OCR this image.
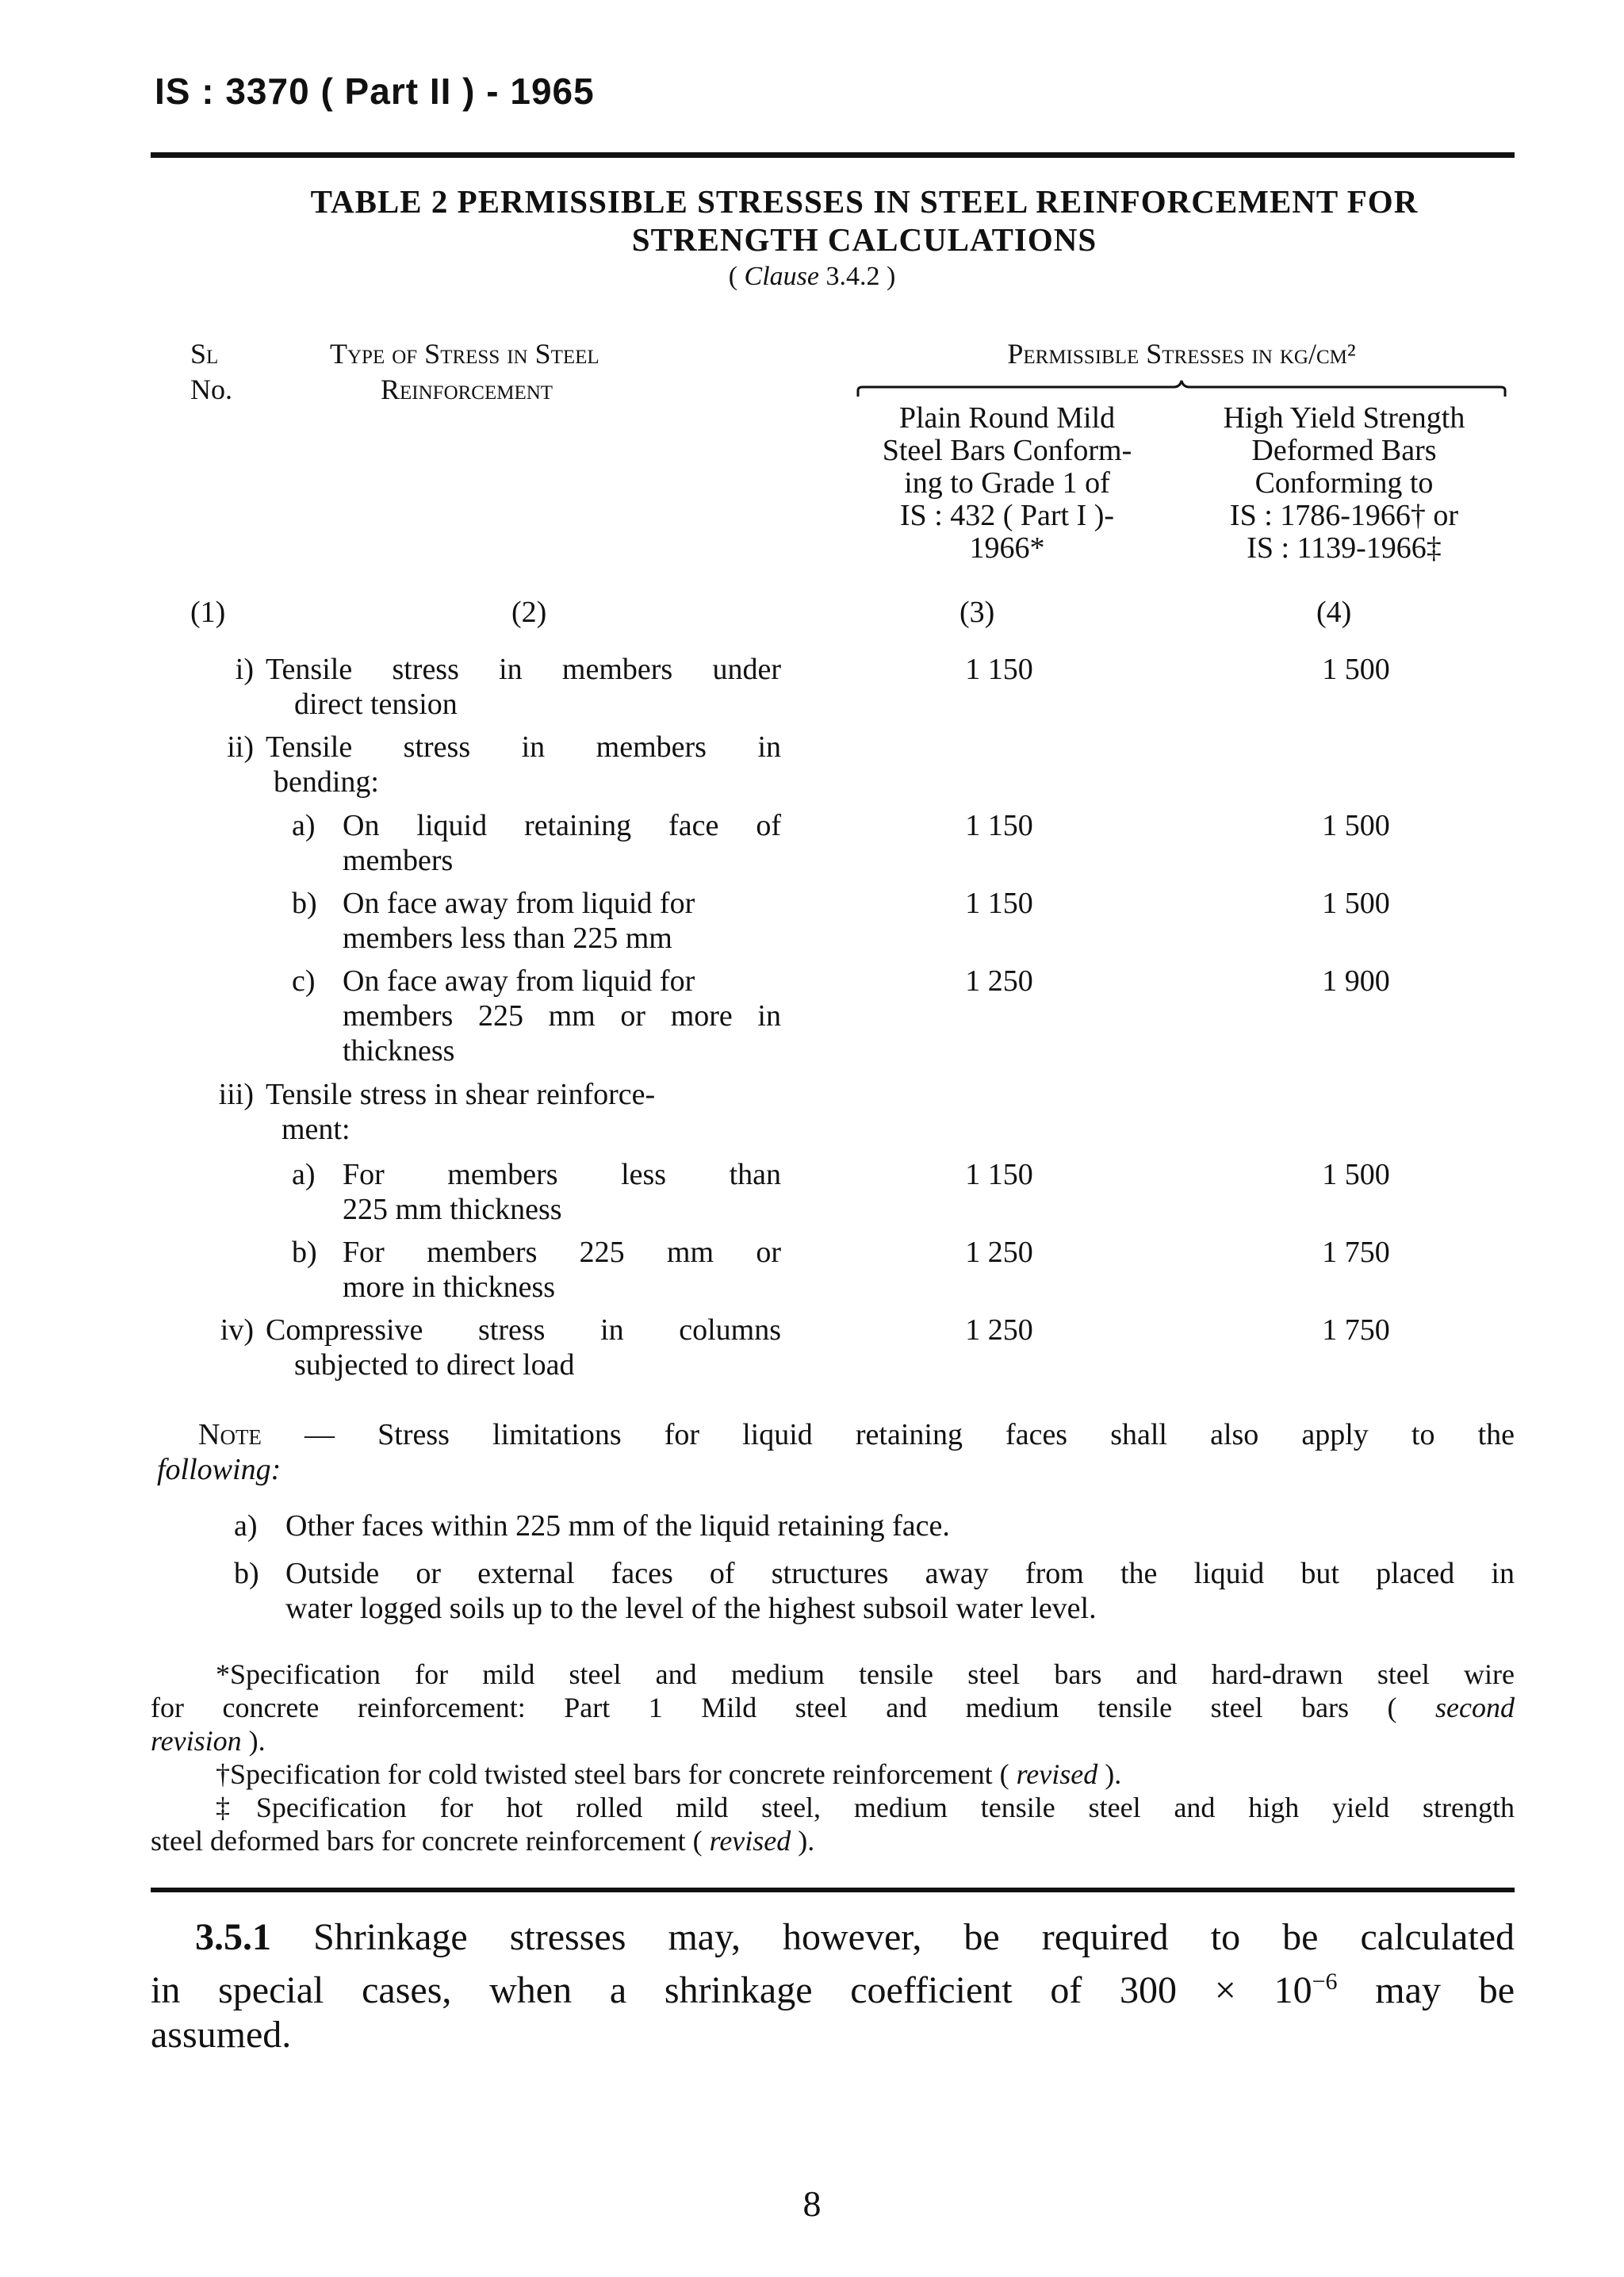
IS : 3370 ( Part II ) - 1965
TABLE 2 PERMISSIBLE STRESSES IN STEEL REINFORCEMENT FOR
STRENGTH CALCULATIONS
( Clause 3.4.2 )
Sl
No.
Type of Stress in Steel
Reinforcement
Permissible Stresses in kg/cm²
Plain Round Mild
Steel Bars Conform-
ing to Grade 1 of
IS : 432 ( Part I )-
1966*
High Yield Strength
Deformed Bars
Conforming to
IS : 1786-1966† or
IS : 1139-1966‡
(1)	(2)	(3)	(4)
i) Tensile stress in members under
direct tension
1 150	1 500
ii) Tensile stress in members in
bending:
a) On liquid retaining face of
members
1 150	1 500
b) On face away from liquid for
members less than 225 mm
1 150	1 500
c) On face away from liquid for
members 225 mm or more in
thickness
1 250	1 900
iii) Tensile stress in shear reinforce-
ment:
a) For members less than
225 mm thickness
1 150	1 500
b) For members 225 mm or
more in thickness
1 250	1 750
iv) Compressive stress in columns
subjected to direct load
1 250	1 750
Note — Stress limitations for liquid retaining faces shall also apply to the
following:
a) Other faces within 225 mm of the liquid retaining face.
b) Outside or external faces of structures away from the liquid but placed in
water logged soils up to the level of the highest subsoil water level.
*Specification for mild steel and medium tensile steel bars and hard-drawn steel wire
for concrete reinforcement: Part 1 Mild steel and medium tensile steel bars ( second
revision ).
†Specification for cold twisted steel bars for concrete reinforcement ( revised ).
‡Specification for hot rolled mild steel, medium tensile steel and high yield strength
steel deformed bars for concrete reinforcement ( revised ).
3.5.1 Shrinkage stresses may, however, be required to be calculated
in special cases, when a shrinkage coefficient of $300 \times 10^{-6}$ may be
assumed.
8
